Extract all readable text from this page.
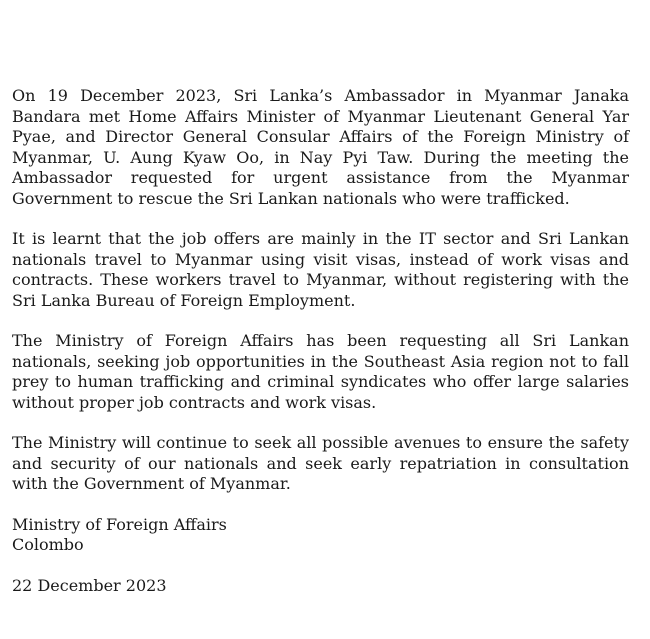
On 19 December 2023, Sri Lanka’s Ambassador in Myanmar Janaka Bandara met Home Affairs Minister of Myanmar Lieutenant General Yar Pyae, and Director General Consular Affairs of the Foreign Ministry of Myanmar, U. Aung Kyaw Oo, in Nay Pyi Taw. During the meeting the Ambassador requested for urgent assistance from the Myanmar Government to rescue the Sri Lankan nationals who were trafficked.

It is learnt that the job offers are mainly in the IT sector and Sri Lankan nationals travel to Myanmar using visit visas, instead of work visas and contracts. These workers travel to Myanmar, without registering with the Sri Lanka Bureau of Foreign Employment.

The Ministry of Foreign Affairs has been requesting all Sri Lankan nationals, seeking job opportunities in the Southeast Asia region not to fall prey to human trafficking and criminal syndicates who offer large salaries without proper job contracts and work visas.

The Ministry will continue to seek all possible avenues to ensure the safety and security of our nationals and seek early repatriation in consultation with the Government of Myanmar.

Ministry of Foreign Affairs
Colombo

22 December 2023
